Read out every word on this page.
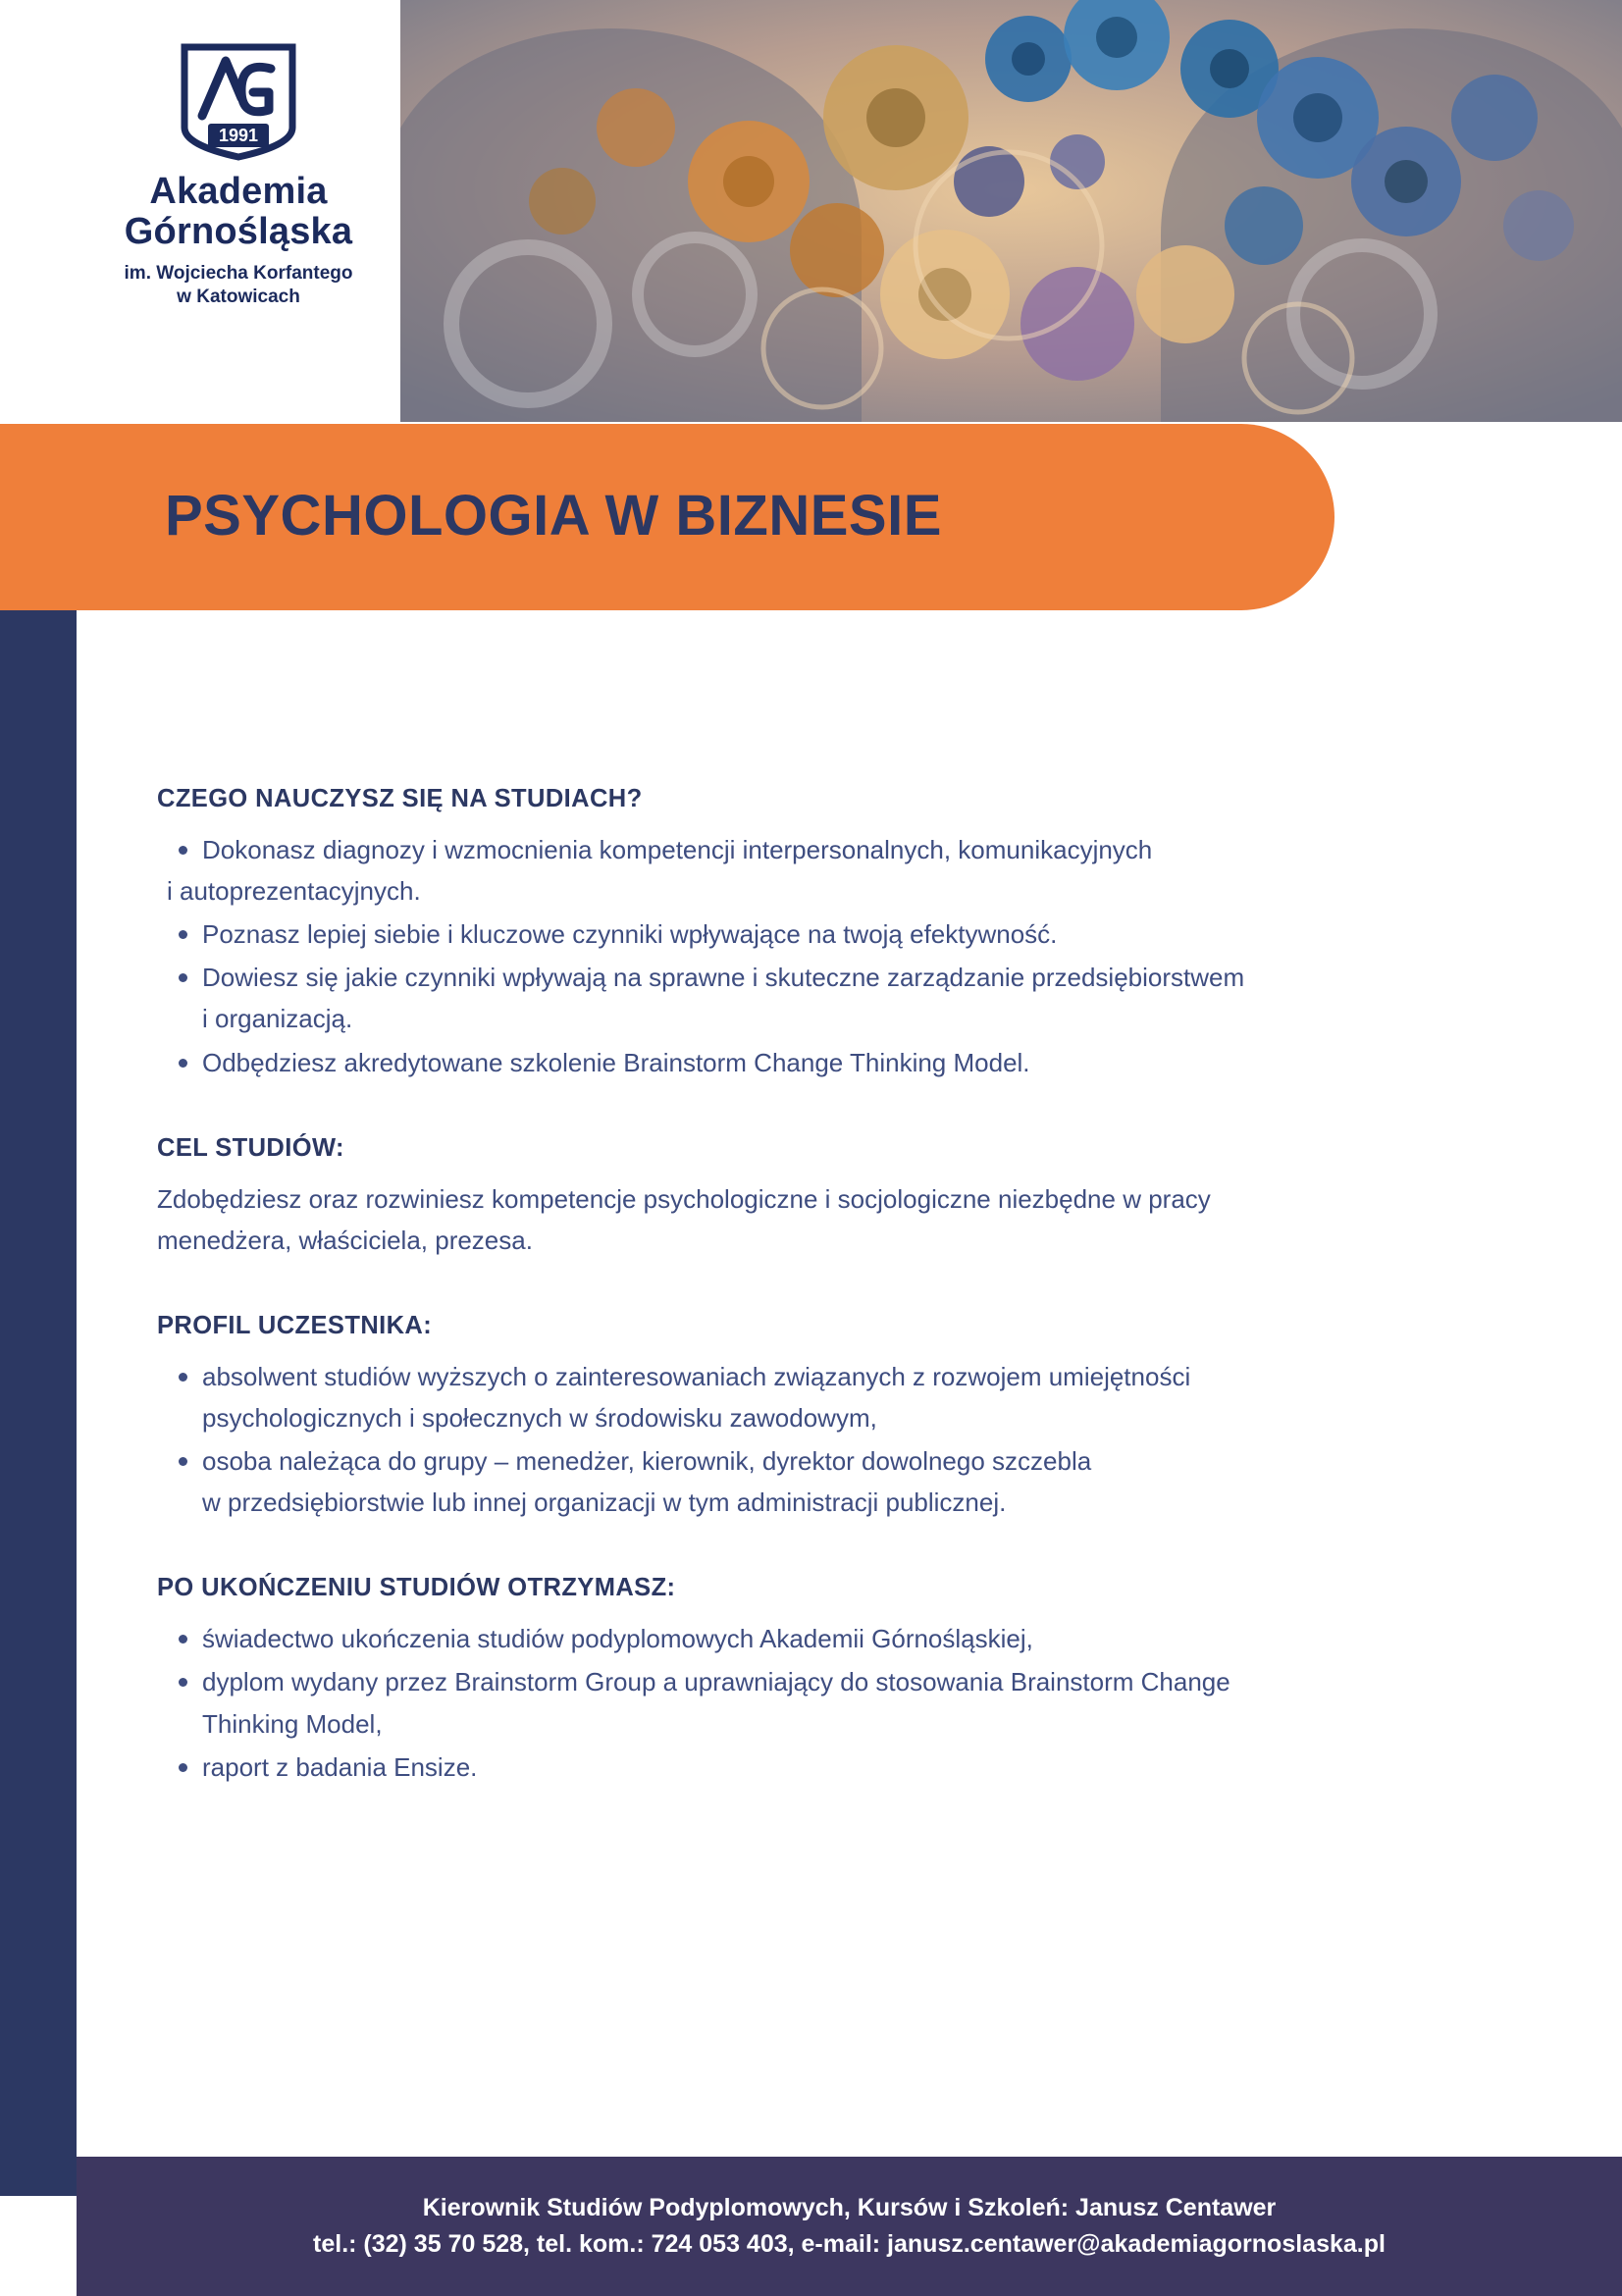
1991
Akademia
Górnośląska
im. Wojciecha Korfantego
w Katowicach
PSYCHOLOGIA W BIZNESIE
CZEGO NAUCZYSZ SIĘ NA STUDIACH?
Dokonasz diagnozy i wzmocnienia kompetencji interpersonalnych, komunikacyjnych
i autoprezentacyjnych.
Poznasz lepiej siebie i kluczowe czynniki wpływające na twoją efektywność.
Dowiesz się jakie czynniki wpływają na sprawne i skuteczne zarządzanie przedsiębiorstwem
i organizacją.
Odbędziesz akredytowane szkolenie Brainstorm Change Thinking Model.
CEL STUDIÓW:
Zdobędziesz oraz rozwiniesz kompetencje psychologiczne i socjologiczne niezbędne w pracy
menedżera, właściciela, prezesa.
PROFIL UCZESTNIKA:
absolwent studiów wyższych o zainteresowaniach związanych z rozwojem umiejętności
psychologicznych i społecznych w środowisku zawodowym,
osoba należąca do grupy – menedżer, kierownik, dyrektor dowolnego szczebla
w przedsiębiorstwie lub innej organizacji w tym administracji publicznej.
PO UKOŃCZENIU STUDIÓW OTRZYMASZ:
świadectwo ukończenia studiów podyplomowych Akademii Górnośląskiej,
dyplom wydany przez Brainstorm Group a uprawniający do stosowania Brainstorm Change
Thinking Model,
raport z badania Ensize.
Kierownik Studiów Podyplomowych, Kursów i Szkoleń: Janusz Centawer
tel.: (32) 35 70 528, tel. kom.: 724 053 403, e-mail: janusz.centawer@akademiagornoslaska.pl
